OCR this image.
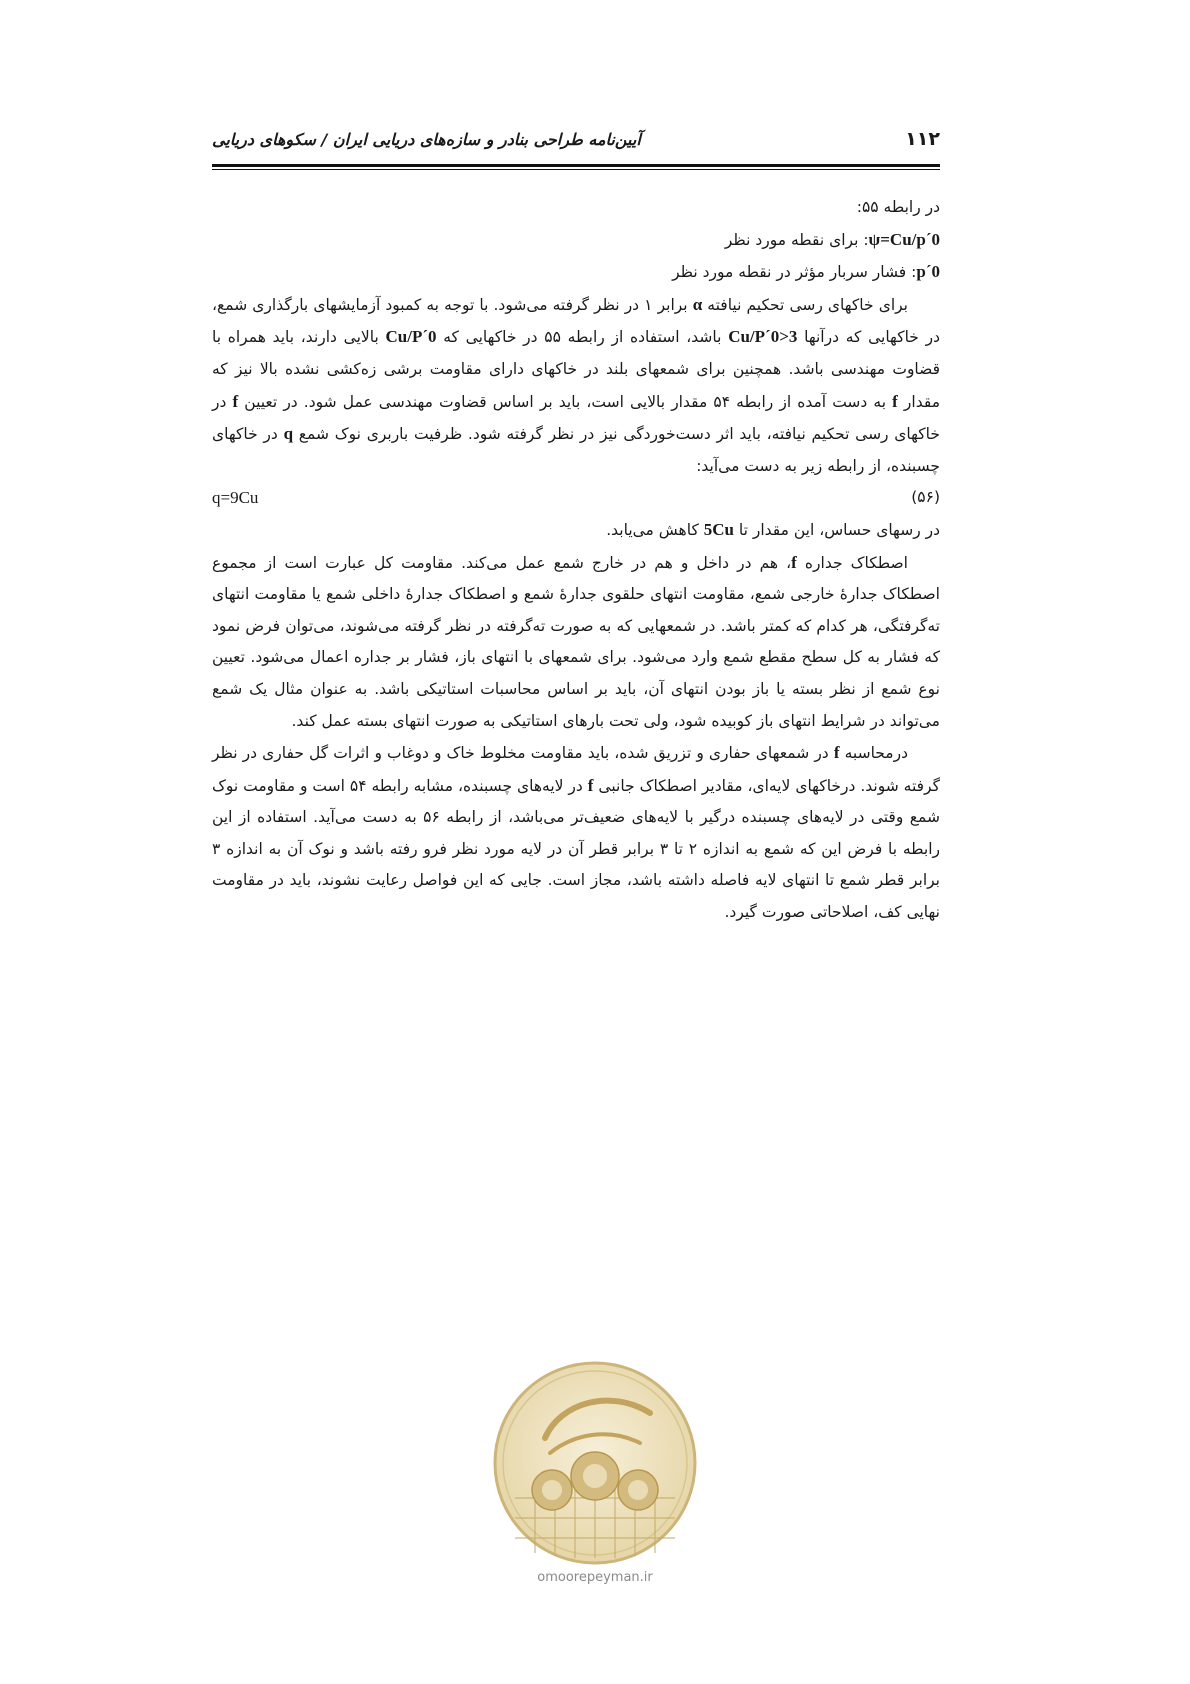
۱۱۲
آیین‌نامه طراحی بنادر و سازه‌های دریایی ایران / سکوهای دریایی

در رابطه ۵۵:

ψ=Cu/p´0: برای نقطه مورد نظر

p´0: فشار سربار مؤثر در نقطه مورد نظر

برای خاکهای رسی تحکیم نیافته α برابر ۱ در نظر گرفته می‌شود. با توجه به کمبود آزمایشهای بارگذاری شمع، در خاکهایی که درآنها Cu/P´0>3 باشد، استفاده از رابطه ۵۵ در خاکهایی که Cu/P´0 بالایی دارند، باید همراه با قضاوت مهندسی باشد. همچنین برای شمعهای بلند در خاکهای دارای مقاومت برشی زه‌کشی نشده بالا نیز که مقدار f به دست آمده از رابطه ۵۴ مقدار بالایی است، باید بر اساس قضاوت مهندسی عمل شود. در تعیین f در خاکهای رسی تحکیم نیافته، باید اثر دست‌خوردگی نیز در نظر گرفته شود. ظرفیت باربری نوک شمع q در خاکهای چسبنده، از رابطه زیر به دست می‌آید:

(۵۶)
q=9Cu

در رسهای حساس، این مقدار تا 5Cu کاهش می‌یابد.

اصطکاک جداره f، هم در داخل و هم در خارج شمع عمل می‌کند. مقاومت کل عبارت است از مجموع اصطکاک جدارهٔ خارجی شمع، مقاومت انتهای حلقوی جدارهٔ شمع و اصطکاک جدارهٔ داخلی شمع یا مقاومت انتهای ته‌گرفتگی، هر کدام که کمتر باشد. در شمعهایی که به صورت ته‌گرفته در نظر گرفته می‌شوند، می‌توان فرض نمود که فشار به کل سطح مقطع شمع وارد می‌شود. برای شمعهای با انتهای باز، فشار بر جداره اعمال می‌شود. تعیین نوع شمع از نظر بسته یا باز بودن انتهای آن، باید بر اساس محاسبات استاتیکی باشد. به عنوان مثال یک شمع می‌تواند در شرایط انتهای باز کوبیده شود، ولی تحت بارهای استاتیکی به صورت انتهای بسته عمل کند.

درمحاسبه f در شمعهای حفاری و تزریق شده، باید مقاومت مخلوط خاک و دوغاب و اثرات گل حفاری در نظر گرفته شوند. درخاکهای لایه‌ای، مقادیر اصطکاک جانبی f در لایه‌های چسبنده، مشابه رابطه ۵۴ است و مقاومت نوک شمع وقتی در لایه‌های چسبنده درگیر با لایه‌های ضعیف‌تر می‌باشد، از رابطه ۵۶ به دست می‌آید. استفاده از این رابطه با فرض این که شمع به اندازه ۲ تا ۳ برابر قطر آن در لایه مورد نظر فرو رفته باشد و نوک آن به اندازه ۳ برابر قطر شمع تا انتهای لایه فاصله داشته باشد، مجاز است. جایی که این فواصل رعایت نشوند، باید در مقاومت نهایی کف، اصلاحاتی صورت گیرد.

omoorepeyman.ir
